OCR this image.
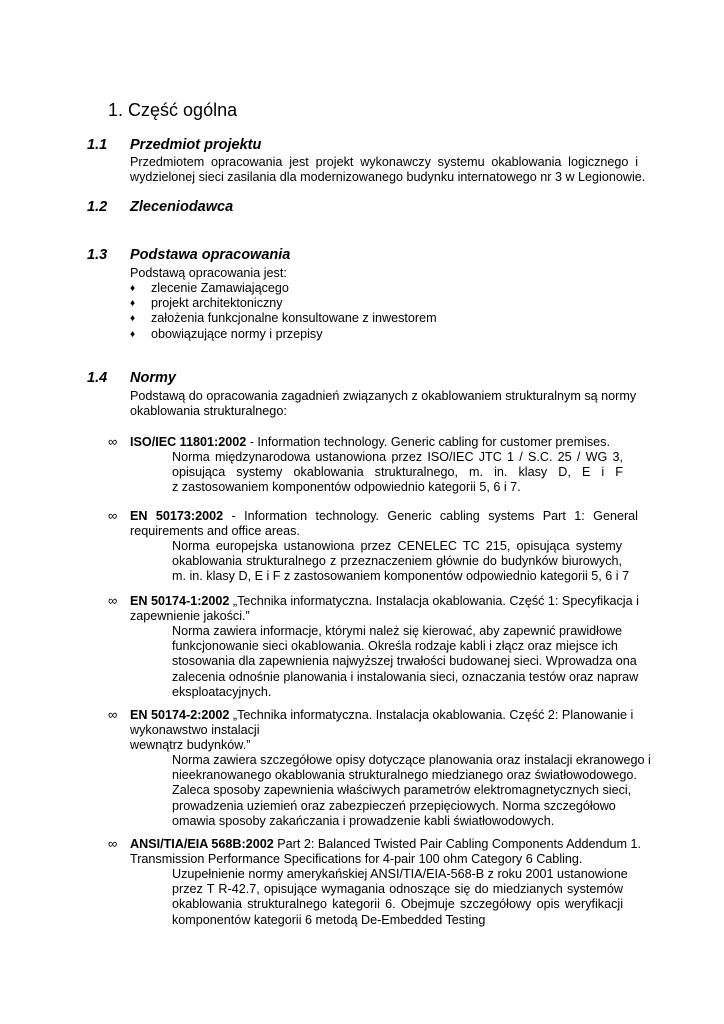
1. Część ogólna
1.1 Przedmiot projektu
Przedmiotem opracowania jest projekt wykonawczy systemu okablowania logicznego i
wydzielonej sieci zasilania dla modernizowanego budynku internatowego nr 3 w Legionowie.
1.2 Zleceniodawca
1.3 Podstawa opracowania
Podstawą opracowania jest:
♦ zlecenie Zamawiającego
♦ projekt architektoniczny
♦ założenia funkcjonalne konsultowane z inwestorem
♦ obowiązujące normy i przepisy
1.4 Normy
Podstawą do opracowania zagadnień związanych z okablowaniem strukturalnym są normy
okablowania strukturalnego:
∞ ISO/IEC 11801:2002 - Information technology. Generic cabling for customer premises.
Norma międzynarodowa ustanowiona przez ISO/IEC JTC 1 / S.C. 25 / WG 3,
opisująca systemy okablowania strukturalnego, m. in. klasy D, E i F
z zastosowaniem komponentów odpowiednio kategorii 5, 6 i 7.
∞ EN 50173:2002 - Information technology. Generic cabling systems Part 1: General
requirements and office areas.
Norma europejska ustanowiona przez CENELEC TC 215, opisująca systemy
okablowania strukturalnego z przeznaczeniem głównie do budynków biurowych,
m. in. klasy D, E i F z zastosowaniem komponentów odpowiednio kategorii 5, 6 i 7
∞ EN 50174-1:2002 „Technika informatyczna. Instalacja okablowania. Część 1: Specyfikacja i
zapewnienie jakości.”
Norma zawiera informacje, którymi należ się kierować, aby zapewnić prawidłowe
funkcjonowanie sieci okablowania. Określa rodzaje kabli i złącz oraz miejsce ich
stosowania dla zapewnienia najwyższej trwałości budowanej sieci. Wprowadza ona
zalecenia odnośnie planowania i instalowania sieci, oznaczania testów oraz napraw
eksploatacyjnych.
∞ EN 50174-2:2002 „Technika informatyczna. Instalacja okablowania. Część 2: Planowanie i
wykonawstwo instalacji
wewnątrz budynków.”
Norma zawiera szczegółowe opisy dotyczące planowania oraz instalacji ekranowego i
nieekranowanego okablowania strukturalnego miedzianego oraz światłowodowego.
Zaleca sposoby zapewnienia właściwych parametrów elektromagnetycznych sieci,
prowadzenia uziemień oraz zabezpieczeń przepięciowych. Norma szczegółowo
omawia sposoby zakańczania i prowadzenie kabli światłowodowych.
∞ ANSI/TIA/EIA 568B:2002 Part 2: Balanced Twisted Pair Cabling Components Addendum 1.
Transmission Performance Specifications for 4-pair 100 ohm Category 6 Cabling.
Uzupełnienie normy amerykańskiej ANSI/TIA/EIA-568-B z roku 2001 ustanowione
przez T R-42.7, opisujące wymagania odnoszące się do miedzianych systemów
okablowania strukturalnego kategorii 6. Obejmuje szczegółowy opis weryfikacji
komponentów kategorii 6 metodą De-Embedded Testing
